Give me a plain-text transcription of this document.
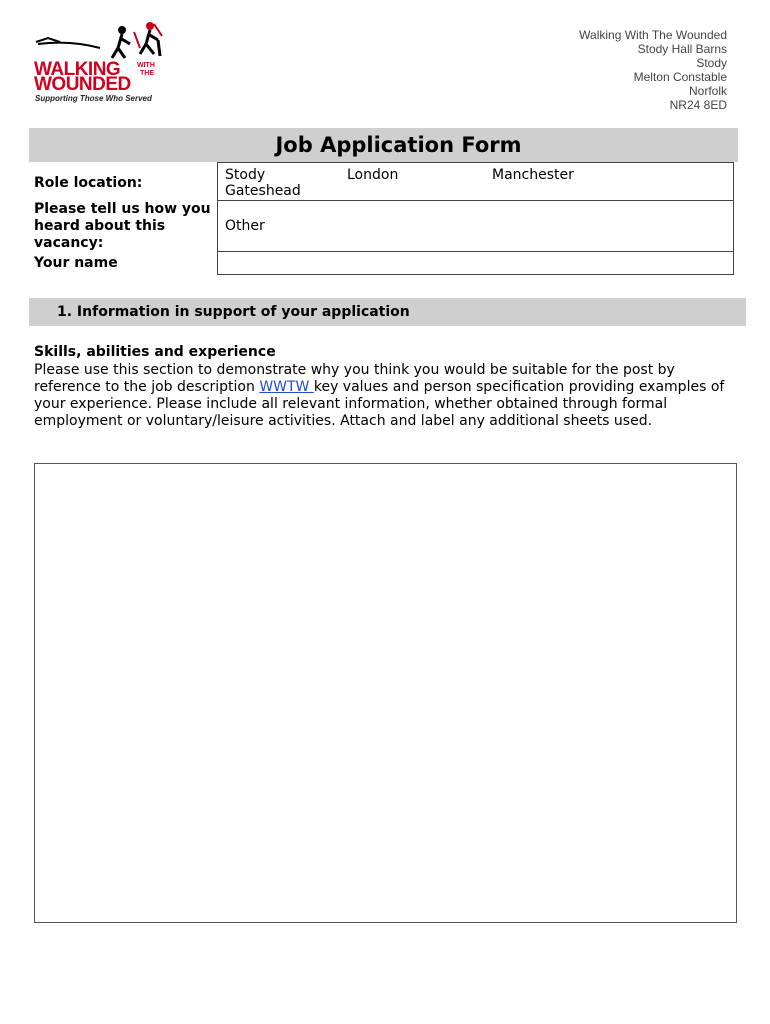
WALKING WITH
THE
WOUNDED
Supporting Those Who Served
Walking With The Wounded
Stody Hall Barns
Stody
Melton Constable
Norfolk
NR24 8ED
Job Application Form
Role location:
Please tell us how you heard about this vacancy:
Your name
Stody	London	Manchester
Gateshead
Other
1. Information in support of your application
Skills, abilities and experience
Please use this section to demonstrate why you think you would be suitable for the post by reference to the job description WWTW key values and person specification providing examples of your experience. Please include all relevant information, whether obtained through formal employment or voluntary/leisure activities. Attach and label any additional sheets used.
